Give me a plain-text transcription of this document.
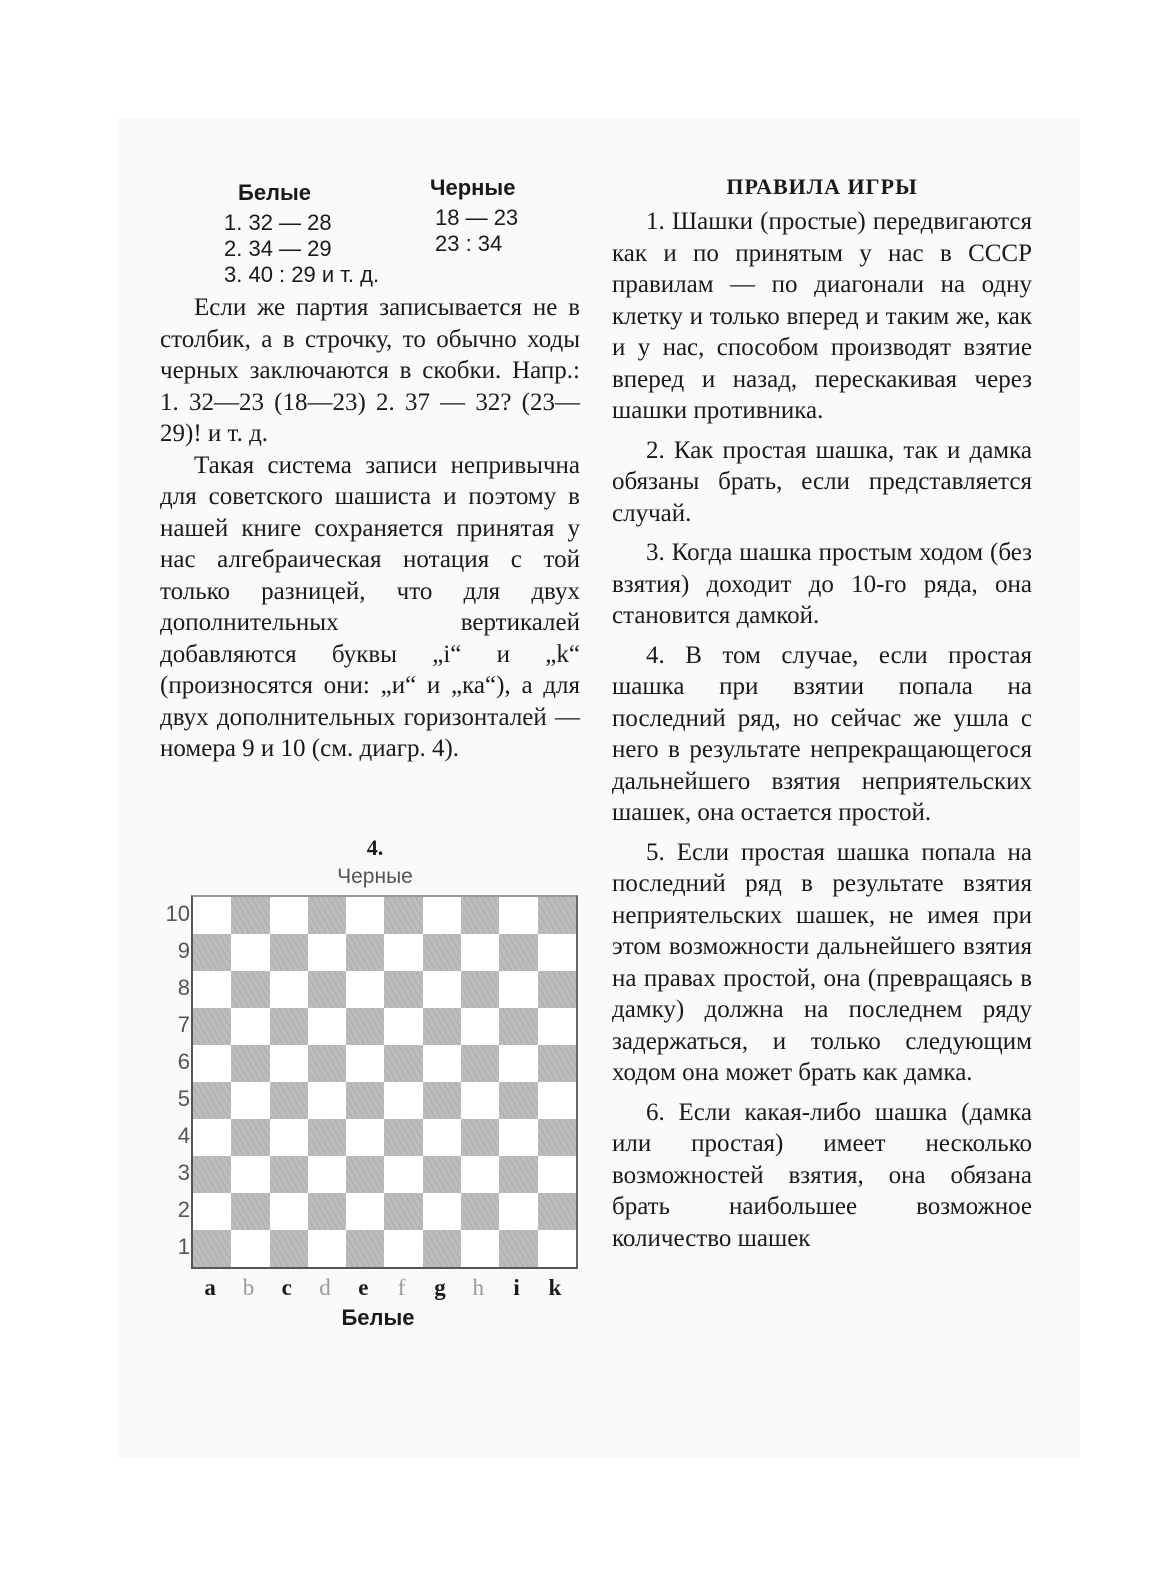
Белые	Черные
1. 32 — 28	18 — 23
2. 34 — 29	23 : 34
3. 40 : 29 и т. д.

Если же партия записывается не в столбик, а в строчку, то обычно ходы черных заключаются в скобки. Напр.: 1. 32—23 (18—23) 2. 37 — 32? (23—29)! и т. д.

Такая система записи непривычна для советского шашиста и поэтому в нашей книге сохраняется принятая у нас алгебраическая нотация с той только разницей, что для двух дополнительных вертикалей добавляются буквы „i“ и „k“ (произносятся они: „и“ и „ка“), а для двух дополнительных горизонталей — номера 9 и 10 (см. диагр. 4).

4.
Черные
10
9
8
7
6
5
4
3
2
1
a	b	c	d	e	f	g	h	i	k
Белые
ПРАВИЛА ИГРЫ

1. Шашки (простые) передвигаются как и по принятым у нас в СССР правилам — по диагонали на одну клетку и только вперед и таким же, как и у нас, способом производят взятие вперед и назад, перескакивая через шашки противника.

2. Как простая шашка, так и дамка обязаны брать, если представляется случай.

3. Когда шашка простым ходом (без взятия) доходит до 10-го ряда, она становится дамкой.

4. В том случае, если простая шашка при взятии попала на последний ряд, но сейчас же ушла с него в результате непрекращающегося дальнейшего взятия неприятельских шашек, она остается простой.

5. Если простая шашка попала на последний ряд в результате взятия неприятельских шашек, не имея при этом возможности дальнейшего взятия на правах простой, она (превращаясь в дамку) должна на последнем ряду задержаться, и только следующим ходом она может брать как дамка.

6. Если какая-либо шашка (дамка или простая) имеет несколько возможностей взятия, она обязана брать наибольшее возможное количество шашек
